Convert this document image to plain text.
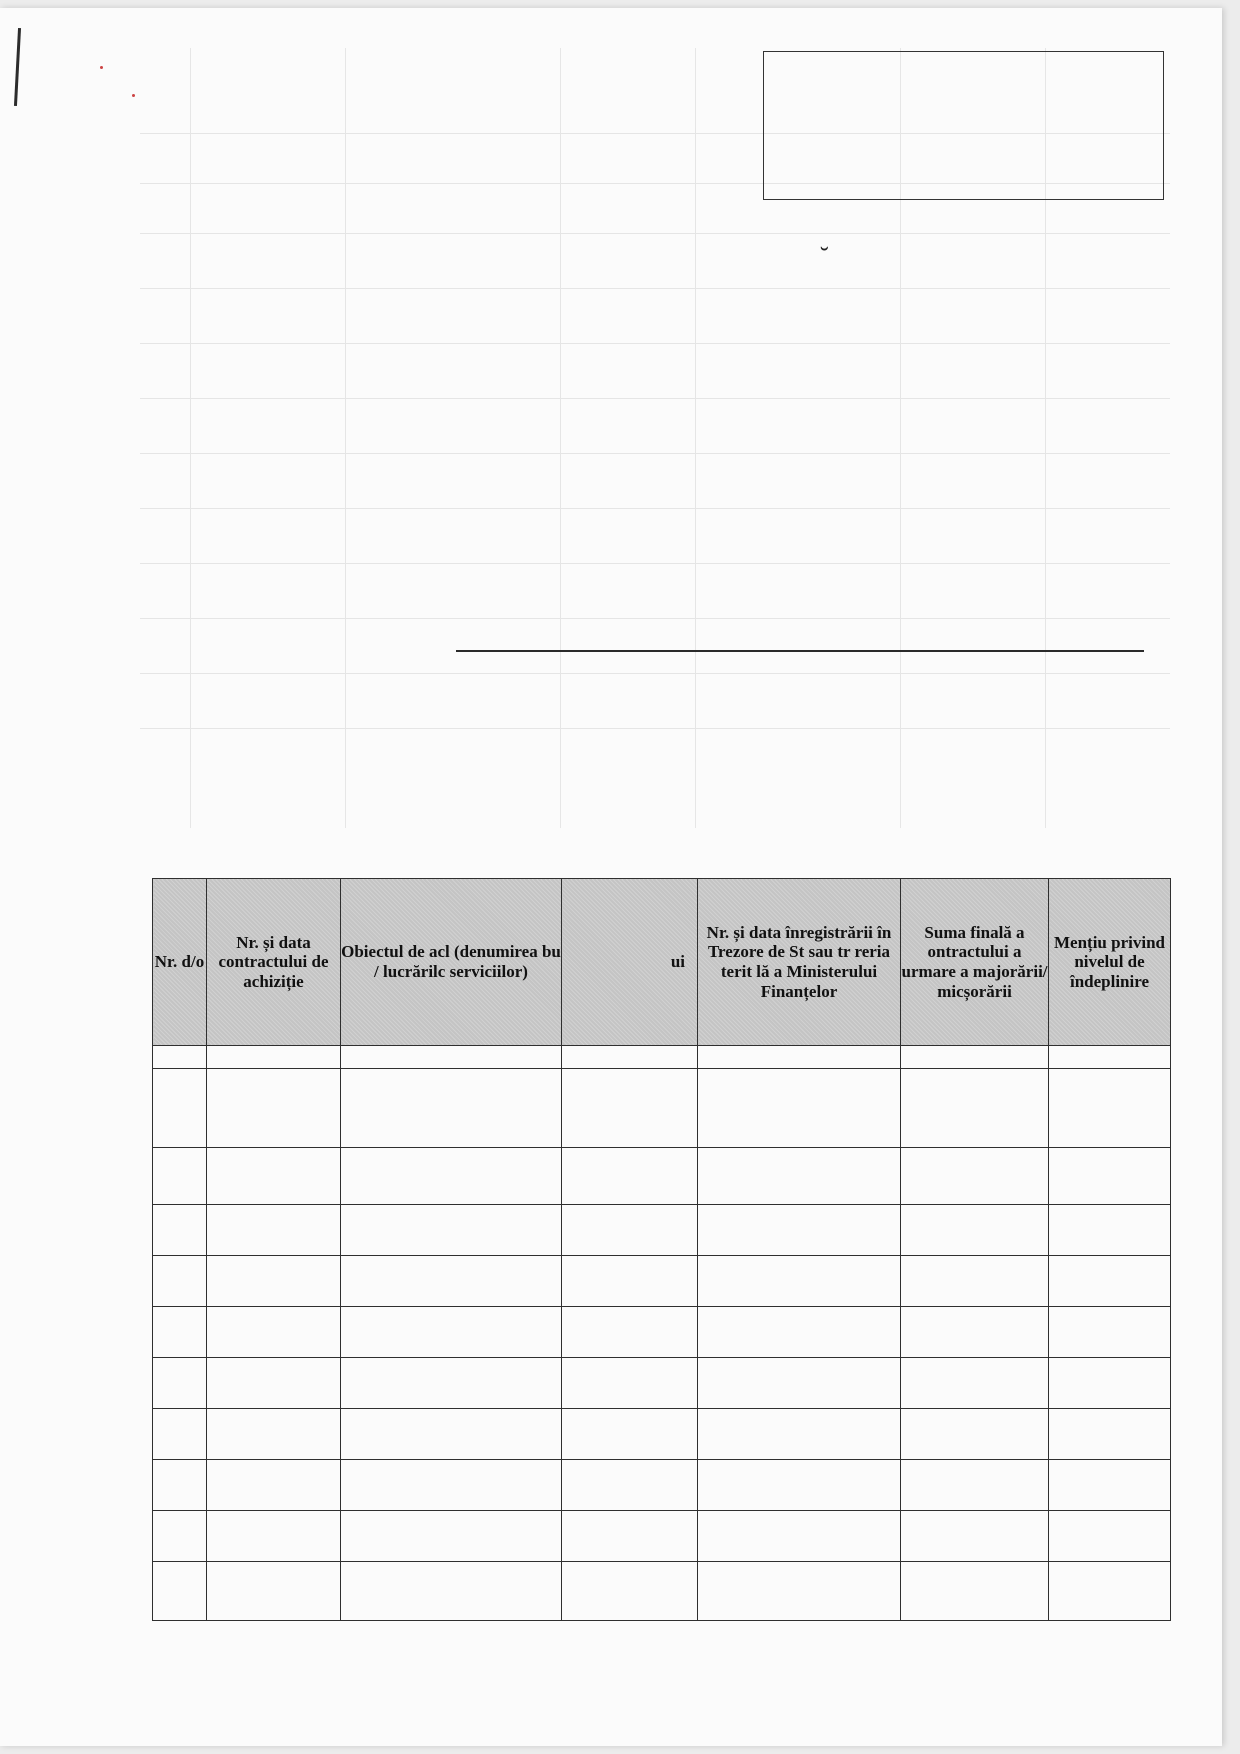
˘
Nr. d/o	Nr. și data contractului de achiziție	Obiectul de acl (denumirea bu / lucrărilc serviciilor)	ui	Nr. și data înregistrării în Trezore de St sau tr reria terit lă a Ministerului Finanțelor	Suma finală a ontractului a urmare a majorării/ micșorării	Mențiu privind nivelul de îndeplinire
